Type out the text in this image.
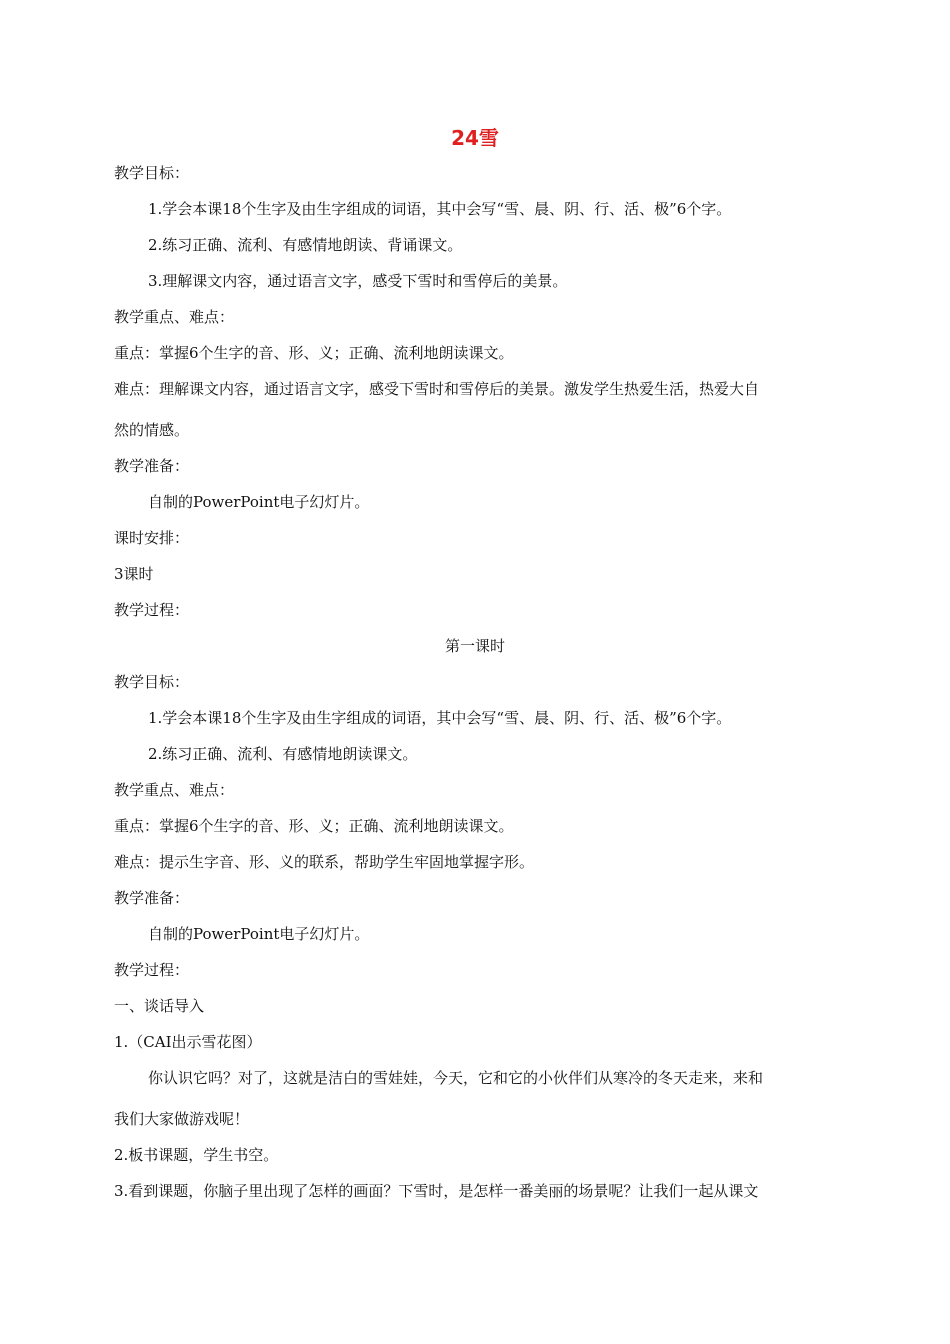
24雪
教学目标：
1.学会本课18个生字及由生字组成的词语，其中会写“雪、晨、阴、行、活、极”6个字。
2.练习正确、流利、有感情地朗读、背诵课文。
3.理解课文内容，通过语言文字，感受下雪时和雪停后的美景。
教学重点、难点：
重点：掌握6个生字的音、形、义；正确、流利地朗读课文。
难点：理解课文内容，通过语言文字，感受下雪时和雪停后的美景。激发学生热爱生活，热爱大自
然的情感。
教学准备：
自制的PowerPoint电子幻灯片。
课时安排：
3课时
教学过程：
第一课时
教学目标：
1.学会本课18个生字及由生字组成的词语，其中会写“雪、晨、阴、行、活、极”6个字。
2.练习正确、流利、有感情地朗读课文。
教学重点、难点：
重点：掌握6个生字的音、形、义；正确、流利地朗读课文。
难点：提示生字音、形、义的联系，帮助学生牢固地掌握字形。
教学准备：
自制的PowerPoint电子幻灯片。
教学过程：
一、谈话导入
1.（CAI出示雪花图）
你认识它吗？对了，这就是洁白的雪娃娃，今天，它和它的小伙伴们从寒冷的冬天走来，来和
我们大家做游戏呢！
2.板书课题，学生书空。
3.看到课题，你脑子里出现了怎样的画面？下雪时，是怎样一番美丽的场景呢？让我们一起从课文
